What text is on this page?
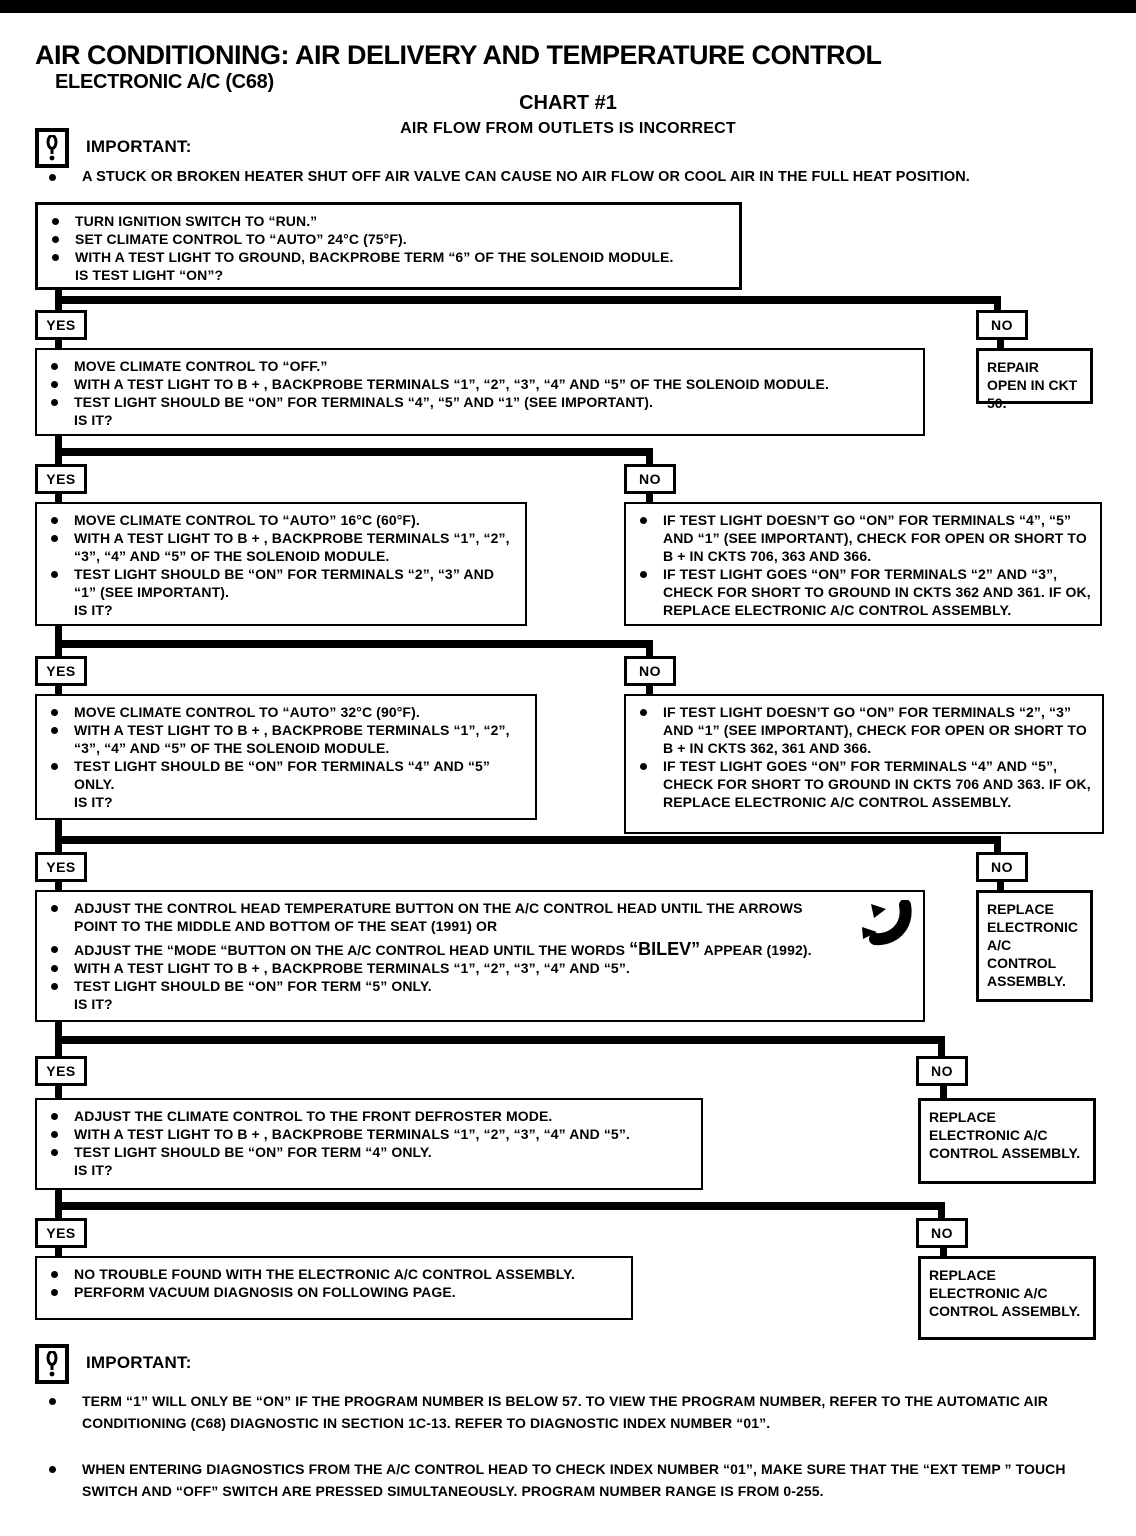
AIR CONDITIONING: AIR DELIVERY AND TEMPERATURE CONTROL
ELECTRONIC A/C (C68)
CHART #1
AIR FLOW FROM OUTLETS IS INCORRECT
IMPORTANT:
A STUCK OR BROKEN HEATER SHUT OFF AIR VALVE CAN CAUSE NO AIR FLOW OR COOL AIR IN THE FULL HEAT POSITION.
TURN IGNITION SWITCH TO “RUN.”
SET CLIMATE CONTROL TO “AUTO” 24°C (75°F).
WITH A TEST LIGHT TO GROUND, BACKPROBE TERM “6” OF THE SOLENOID MODULE.
IS TEST LIGHT “ON”?
YES	NO
MOVE CLIMATE CONTROL TO “OFF.”
WITH A TEST LIGHT TO B + , BACKPROBE TERMINALS “1”, “2”, “3”, “4” AND “5” OF THE SOLENOID MODULE.
TEST LIGHT SHOULD BE “ON” FOR TERMINALS “4”, “5” AND “1” (SEE IMPORTANT).
IS IT?
REPAIR OPEN IN CKT 50.
YES	NO
MOVE CLIMATE CONTROL TO “AUTO” 16°C (60°F).
WITH A TEST LIGHT TO B + , BACKPROBE TERMINALS “1”, “2”, “3”, “4” AND “5” OF THE SOLENOID MODULE.
TEST LIGHT SHOULD BE “ON” FOR TERMINALS “2”, “3” AND “1” (SEE IMPORTANT).
IS IT?
IF TEST LIGHT DOESN’T GO “ON” FOR TERMINALS “4”, “5” AND “1” (SEE IMPORTANT), CHECK FOR OPEN OR SHORT TO B + IN CKTS 706, 363 AND 366.
IF TEST LIGHT GOES “ON” FOR TERMINALS “2” AND “3”, CHECK FOR SHORT TO GROUND IN CKTS 362 AND 361. IF OK, REPLACE ELECTRONIC A/C CONTROL ASSEMBLY.
YES	NO
MOVE CLIMATE CONTROL TO “AUTO” 32°C (90°F).
WITH A TEST LIGHT TO B + , BACKPROBE TERMINALS “1”, “2”, “3”, “4” AND “5” OF THE SOLENOID MODULE.
TEST LIGHT SHOULD BE “ON” FOR TERMINALS “4” AND “5” ONLY.
IS IT?
IF TEST LIGHT DOESN’T GO “ON” FOR TERMINALS “2”, “3” AND “1” (SEE IMPORTANT), CHECK FOR OPEN OR SHORT TO B + IN CKTS 362, 361 AND 366.
IF TEST LIGHT GOES “ON” FOR TERMINALS “4” AND “5”, CHECK FOR SHORT TO GROUND IN CKTS 706 AND 363. IF OK, REPLACE ELECTRONIC A/C CONTROL ASSEMBLY.
YES	NO
ADJUST THE CONTROL HEAD TEMPERATURE BUTTON ON THE A/C CONTROL HEAD UNTIL THE ARROWS POINT TO THE MIDDLE AND BOTTOM OF THE SEAT (1991) OR
ADJUST THE “MODE “BUTTON ON THE A/C CONTROL HEAD UNTIL THE WORDS “BILEV” APPEAR (1992).
WITH A TEST LIGHT TO B + , BACKPROBE TERMINALS “1”, “2”, “3”, “4” AND “5”.
TEST LIGHT SHOULD BE “ON” FOR TERM “5” ONLY.
IS IT?
REPLACE ELECTRONIC A/C CONTROL ASSEMBLY.
YES	NO
ADJUST THE CLIMATE CONTROL TO THE FRONT DEFROSTER MODE.
WITH A TEST LIGHT TO B + , BACKPROBE TERMINALS “1”, “2”, “3”, “4” AND “5”.
TEST LIGHT SHOULD BE “ON” FOR TERM “4” ONLY.
IS IT?
REPLACE ELECTRONIC A/C CONTROL ASSEMBLY.
YES	NO
NO TROUBLE FOUND WITH THE ELECTRONIC A/C CONTROL ASSEMBLY.
PERFORM VACUUM DIAGNOSIS ON FOLLOWING PAGE.
REPLACE ELECTRONIC A/C CONTROL ASSEMBLY.
IMPORTANT:
TERM “1” WILL ONLY BE “ON” IF THE PROGRAM NUMBER IS BELOW 57. TO VIEW THE PROGRAM NUMBER, REFER TO THE AUTOMATIC AIR CONDITIONING (C68) DIAGNOSTIC IN SECTION 1C-13. REFER TO DIAGNOSTIC INDEX NUMBER “01”.
WHEN ENTERING DIAGNOSTICS FROM THE A/C CONTROL HEAD TO CHECK INDEX NUMBER “01”, MAKE SURE THAT THE “EXT TEMP ” TOUCH SWITCH AND “OFF” SWITCH ARE PRESSED SIMULTANEOUSLY. PROGRAM NUMBER RANGE IS FROM 0-255.
